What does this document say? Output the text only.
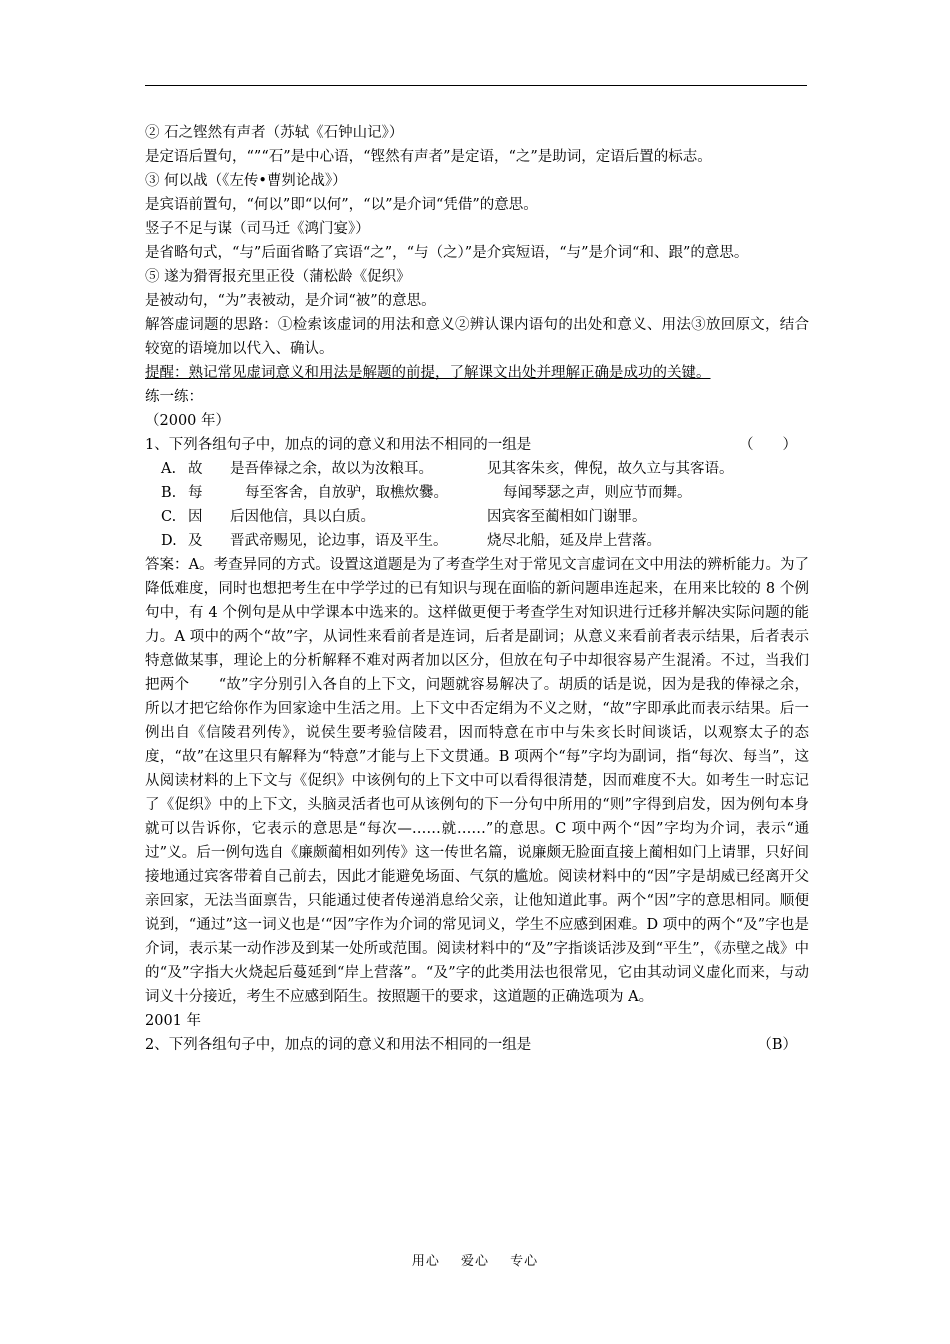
② 石之铿然有声者（苏轼《石钟山记》）
是定语后置句，“”“石”是中心语，“铿然有声者”是定语，“之”是助词，定语后置的标志。
③ 何以战（《左传•曹刿论战》）
是宾语前置句，“何以”即“以何”，“以”是介词“凭借”的意思。
竖子不足与谋（司马迁《鸿门宴》）
是省略句式，“与”后面省略了宾语“之”，“与（之）”是介宾短语，“与”是介词“和、跟”的意思。
⑤ 遂为猾胥报充里正役（蒲松龄《促织》
是被动句，“为”表被动，是介词“被”的意思。
解答虚词题的思路：①检索该虚词的用法和意义②辨认课内语句的出处和意义、用法③放回原文，结合较宽的语境加以代入、确认。
提醒：熟记常见虚词意义和用法是解题的前提，了解课文出处并理解正确是成功的关键。
练一练：
（2000 年）
1、下列各组句子中，加点的词的意义和用法不相同的一组是	（　　）
A. 故 是吾俸禄之余，故以为汝粮耳。	见其客朱亥，俾倪，故久立与其客语。
B. 每	每至客舍，自放驴，取樵炊爨。	每闻琴瑟之声，则应节而舞。
C. 因 后因他信，具以白质。	因宾客至蔺相如门谢罪。
D. 及 晋武帝赐见，论边事，语及平生。	烧尽北船，延及岸上营落。
答案：A。考查异同的方式。设置这道题是为了考查学生对于常见文言虚词在文中用法的辨析能力。为了降低难度，同时也想把考生在中学学过的已有知识与现在面临的新问题串连起来，在用来比较的 8 个例句中，有 4 个例句是从中学课本中选来的。这样做更便于考查学生对知识进行迁移并解决实际问题的能力。A 项中的两个“故”字，从词性来看前者是连词，后者是副词；从意义来看前者表示结果，后者表示特意做某事，理论上的分析解释不难对两者加以区分，但放在句子中却很容易产生混淆。不过，当我们把两个　　“故”字分别引入各自的上下文，问题就容易解决了。胡质的话是说，因为是我的俸禄之余，所以才把它给你作为回家途中生活之用。上下文中否定绢为不义之财，“故”字即承此而表示结果。后一例出自《信陵君列传》，说侯生要考验信陵君，因而特意在市中与朱亥长时间谈话，以观察太子的态度，“故”在这里只有解释为“特意”才能与上下文贯通。B 项两个“每”字均为副词，指“每次、每当”，这从阅读材料的上下文与《促织》中该例句的上下文中可以看得很清楚，因而难度不大。如考生一时忘记了《促织》中的上下文，头脑灵活者也可从该例句的下一分句中所用的“则”字得到启发，因为例句本身就可以告诉你，它表示的意思是“每次—……就……”的意思。C 项中两个“因”字均为介词，表示“通过”义。后一例句选自《廉颇蔺相如列传》这一传世名篇，说廉颇无脸面直接上蔺相如门上请罪，只好间接地通过宾客带着自己前去，因此才能避免场面、气氛的尴尬。阅读材料中的“因”字是胡威已经离开父亲回家，无法当面禀告，只能通过使者传递消息给父亲，让他知道此事。两个“因”字的意思相同。顺便说到，“通过”这一词义也是‘“因”字作为介词的常见词义，学生不应感到困难。D 项中的两个“及”字也是介词，表示某一动作涉及到某一处所或范围。阅读材料中的“及”字指谈话涉及到“平生”，《赤壁之战》中的“及”字指大火烧起后蔓延到“岸上营落”。“及”字的此类用法也很常见，它由其动词义虚化而来，与动词义十分接近，考生不应感到陌生。按照题干的要求，这道题的正确选项为 A。
2001 年
2、下列各组句子中，加点的词的意义和用法不相同的一组是	（B）
用心 爱心 专心
